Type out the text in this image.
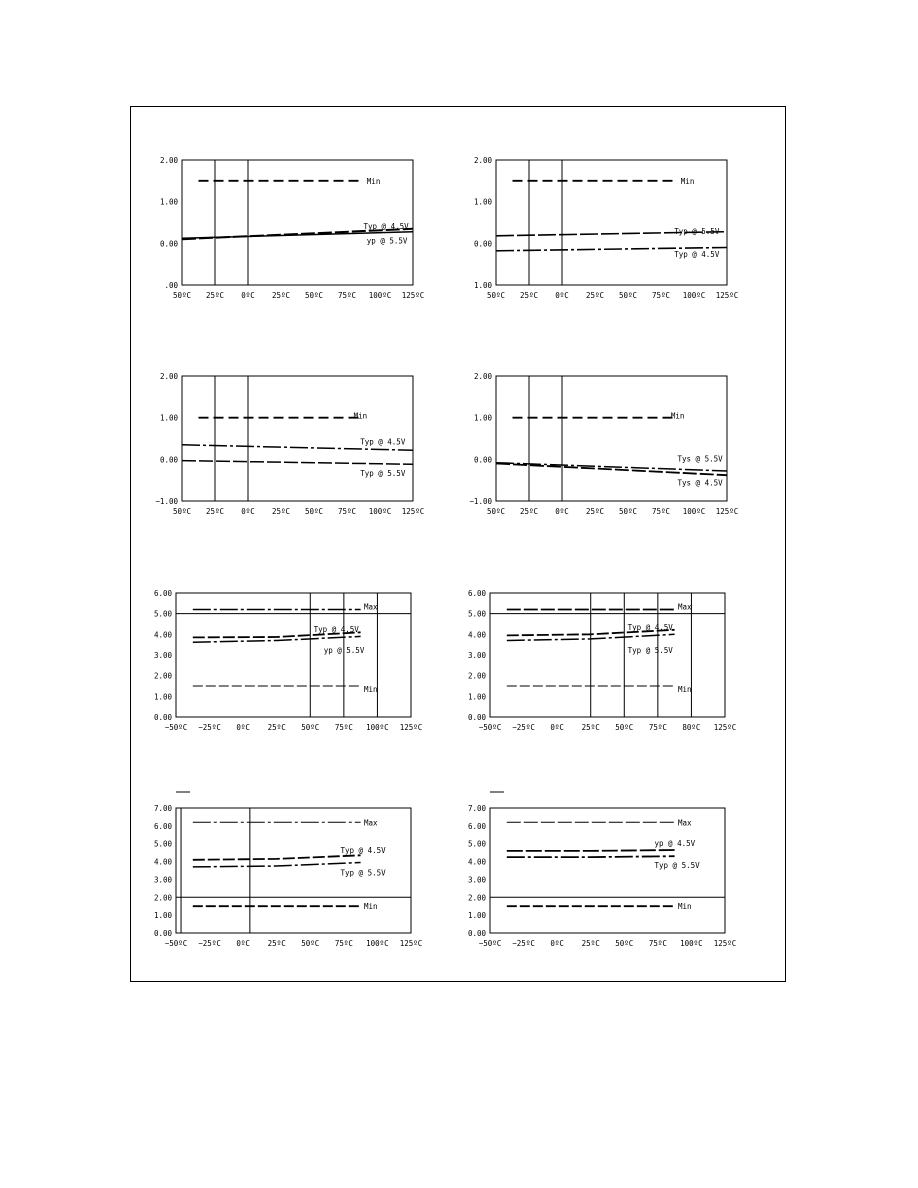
2.00
1.00
0.00
.00
50ºC 25ºC 0ºC 25ºC 50ºC 75ºC 100ºC 125ºC
Min
Typ @ 4.5V
yp @ 5.5V
2.00
1.00
0.00
1.00
50ºC 25ºC 0ºC 25ºC 50ºC 75ºC 100ºC 125ºC
Min
Typ @ 5.5V
Typ @ 4.5V
2.00
1.00
0.00
−1.00
50ºC 25ºC 0ºC 25ºC 50ºC 75ºC 100ºC 125ºC
Min
Typ @ 4.5V
Typ @ 5.5V
2.00
1.00
0.00
−1.00
50ºC 25ºC 0ºC 25ºC 50ºC 75ºC 100ºC 125ºC
Min
Tys @ 5.5V
Tys @ 4.5V
6.00
5.00
4.00
3.00
2.00
1.00
0.00
−50ºC −25ºC 0ºC 25ºC 50ºC 75ºC 100ºC 125ºC
Max
Typ @ 4.5V
yp @ 5.5V
Min
6.00
5.00
4.00
3.00
2.00
1.00
0.00
−50ºC −25ºC 0ºC 25ºC 50ºC 75ºC 80ºC 125ºC
Max
Typ @ 4.5V
Typ @ 5.5V
Min
7.00
6.00
5.00
4.00
3.00
2.00
1.00
0.00
−50ºC −25ºC 0ºC 25ºC 50ºC 75ºC 100ºC 125ºC
Max
Typ @ 4.5V
Typ @ 5.5V
Min
7.00
6.00
5.00
4.00
3.00
2.00
1.00
0.00
−50ºC −25ºC 0ºC 25ºC 50ºC 75ºC 100ºC 125ºC
Max
yp @ 4.5V
Typ @ 5.5V
Min
